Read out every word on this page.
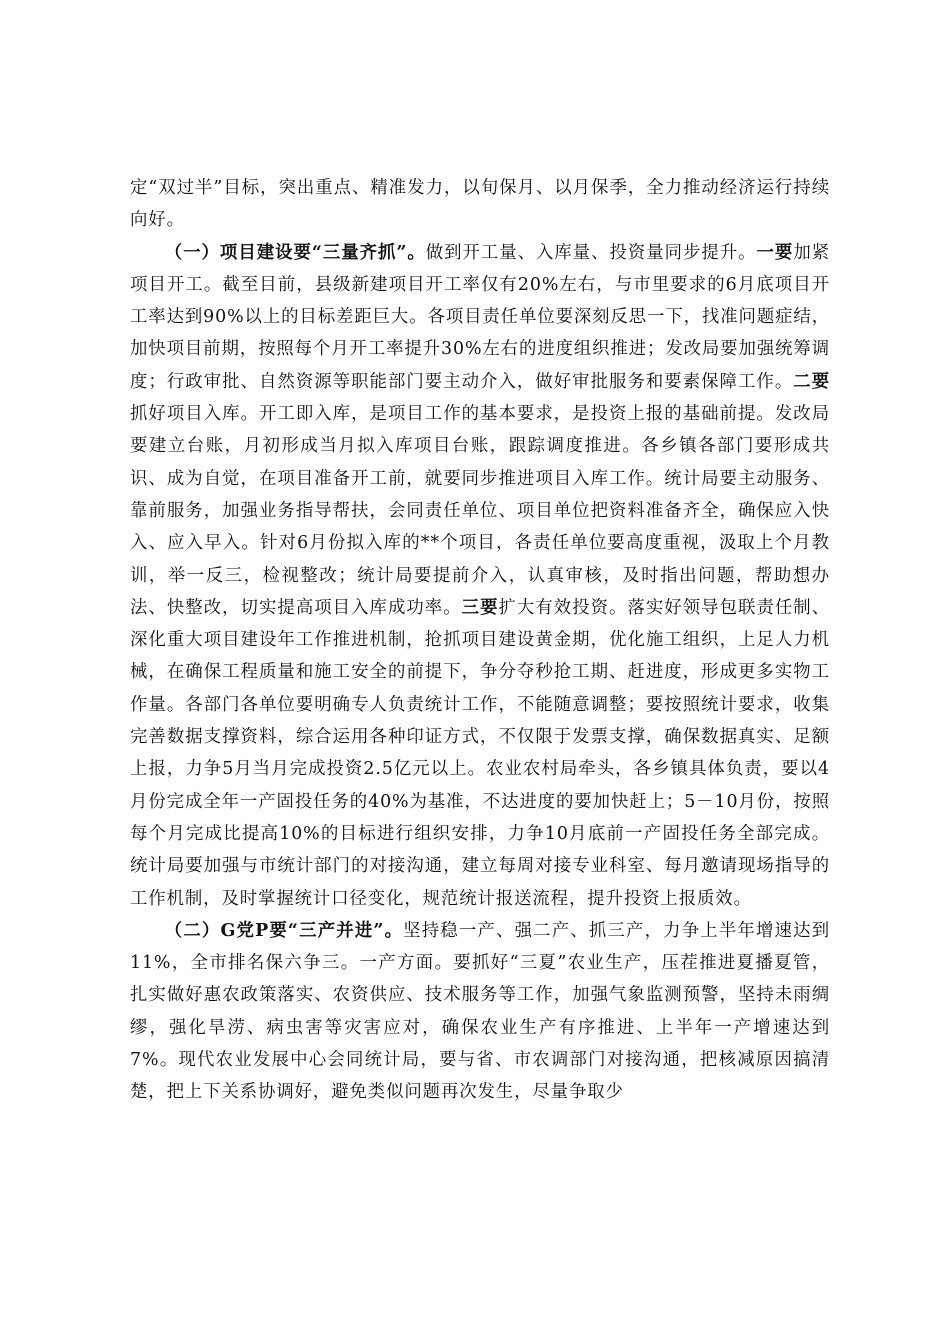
定“双过半”目标，突出重点、精准发力，以旬保月、以月保季，全力推动经济运行持续向好。

（一）项目建设要“三量齐抓”。做到开工量、入库量、投资量同步提升。一要加紧项目开工。截至目前，县级新建项目开工率仅有20%左右，与市里要求的6月底项目开工率达到90%以上的目标差距巨大。各项目责任单位要深刻反思一下，找准问题症结，加快项目前期，按照每个月开工率提升30%左右的进度组织推进；发改局要加强统筹调度；行政审批、自然资源等职能部门要主动介入，做好审批服务和要素保障工作。二要抓好项目入库。开工即入库，是项目工作的基本要求，是投资上报的基础前提。发改局要建立台账，月初形成当月拟入库项目台账，跟踪调度推进。各乡镇各部门要形成共识、成为自觉，在项目准备开工前，就要同步推进项目入库工作。统计局要主动服务、靠前服务，加强业务指导帮扶，会同责任单位、项目单位把资料准备齐全，确保应入快入、应入早入。针对6月份拟入库的**个项目，各责任单位要高度重视，汲取上个月教训，举一反三，检视整改；统计局要提前介入，认真审核，及时指出问题，帮助想办法、快整改，切实提高项目入库成功率。三要扩大有效投资。落实好领导包联责任制、深化重大项目建设年工作推进机制，抢抓项目建设黄金期，优化施工组织，上足人力机械，在确保工程质量和施工安全的前提下，争分夺秒抢工期、赶进度，形成更多实物工作量。各部门各单位要明确专人负责统计工作，不能随意调整；要按照统计要求，收集完善数据支撑资料，综合运用各种印证方式，不仅限于发票支撑，确保数据真实、足额上报，力争5月当月完成投资2.5亿元以上。农业农村局牵头，各乡镇具体负责，要以4月份完成全年一产固投任务的40%为基准，不达进度的要加快赶上；5－10月份，按照每个月完成比提高10%的目标进行组织安排，力争10月底前一产固投任务全部完成。统计局要加强与市统计部门的对接沟通，建立每周对接专业科室、每月邀请现场指导的工作机制，及时掌握统计口径变化，规范统计报送流程，提升投资上报质效。

（二）G党P要“三产并进”。坚持稳一产、强二产、抓三产，力争上半年增速达到11%，全市排名保六争三。一产方面。要抓好“三夏”农业生产，压茬推进夏播夏管，扎实做好惠农政策落实、农资供应、技术服务等工作，加强气象监测预警，坚持未雨绸缪，强化旱涝、病虫害等灾害应对，确保农业生产有序推进、上半年一产增速达到7%。现代农业发展中心会同统计局，要与省、市农调部门对接沟通，把核减原因搞清楚，把上下关系协调好，避免类似问题再次发生，尽量争取少
